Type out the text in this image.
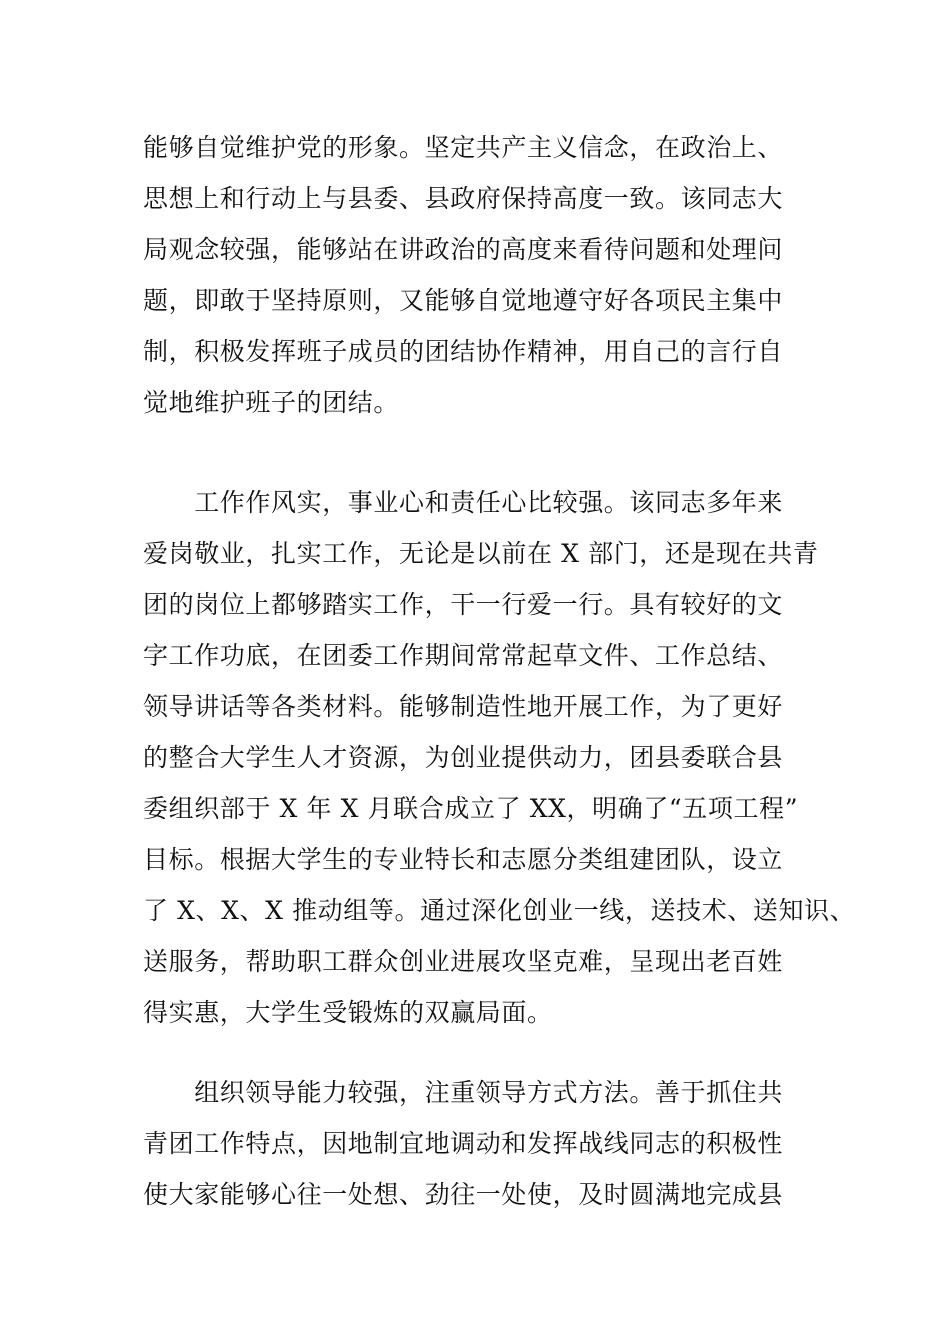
能够自觉维护党的形象。坚定共产主义信念，在政治上、
思想上和行动上与县委、县政府保持高度一致。该同志大
局观念较强，能够站在讲政治的高度来看待问题和处理问
题，即敢于坚持原则，又能够自觉地遵守好各项民主集中
制，积极发挥班子成员的团结协作精神，用自己的言行自
觉地维护班子的团结。
　　工作作风实，事业心和责任心比较强。该同志多年来
爱岗敬业，扎实工作，无论是以前在 X 部门，还是现在共青
团的岗位上都够踏实工作，干一行爱一行。具有较好的文
字工作功底，在团委工作期间常常起草文件、工作总结、
领导讲话等各类材料。能够制造性地开展工作，为了更好
的整合大学生人才资源，为创业提供动力，团县委联合县
委组织部于 X 年 X 月联合成立了 XX，明确了“五项工程”
目标。根据大学生的专业特长和志愿分类组建团队，设立
了 X、X、X 推动组等。通过深化创业一线，送技术、送知识、
送服务，帮助职工群众创业进展攻坚克难，呈现出老百姓
得实惠，大学生受锻炼的双赢局面。
　　组织领导能力较强，注重领导方式方法。善于抓住共
青团工作特点，因地制宜地调动和发挥战线同志的积极性
使大家能够心往一处想、劲往一处使，及时圆满地完成县
